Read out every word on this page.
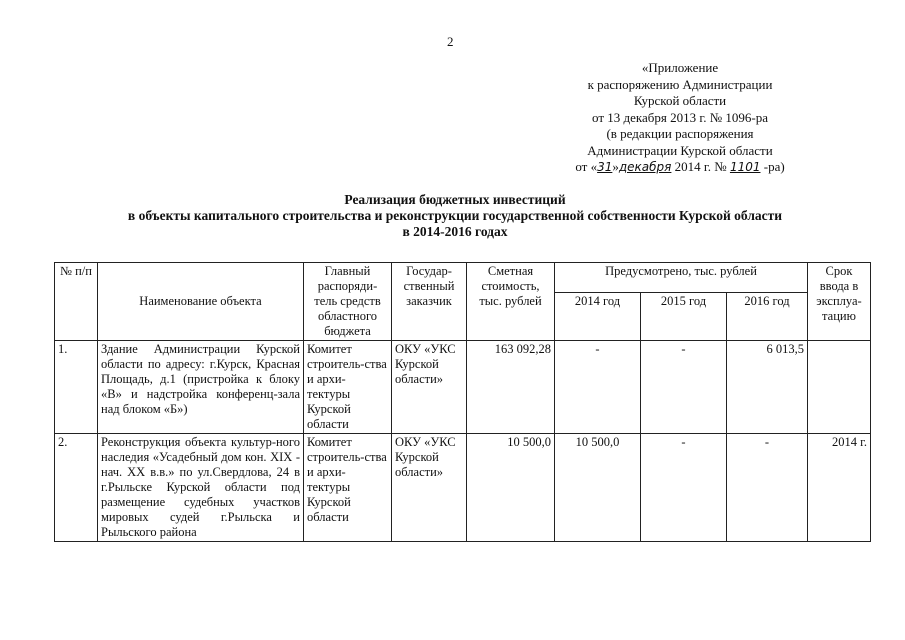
2
«Приложение
к распоряжению Администрации
Курской области
от 13 декабря 2013 г. № 1096-ра
(в редакции распоряжения
Администрации Курской области
от «31»декабря 2014 г. № 1101 -ра)
Реализация бюджетных инвестиций
в объекты капитального строительства и реконструкции государственной собственности Курской области
в 2014-2016 годах
№ п/п	Наименование объекта	Главный распоряди-тель средств областного бюджета	Государ-ственный заказчик	Сметная стоимость, тыс. рублей	Предусмотрено, тыс. рублей			Срок ввода в эксплуа-тацию
					2014 год	2015 год	2016 год	
1.	Здание Администрации Курской области по адресу: г.Курск, Красная Площадь, д.1 (пристройка к блоку «В» и надстройка конференц-зала над блоком «Б»)	Комитет строитель-ства и архи-тектуры Курской области	ОКУ «УКС Курской области»	163 092,28	-	-	6 013,5	
2.	Реконструкция объекта культур-ного наследия «Усадебный дом кон. XIX - нач. XX в.в.» по ул.Свердлова, 24 в г.Рыльске Курской области под размещение судебных участков мировых судей г.Рыльска и Рыльского района	Комитет строитель-ства и архи-тектуры Курской области	ОКУ «УКС Курской области»	10 500,0	10 500,0	-	-	2014 г.
